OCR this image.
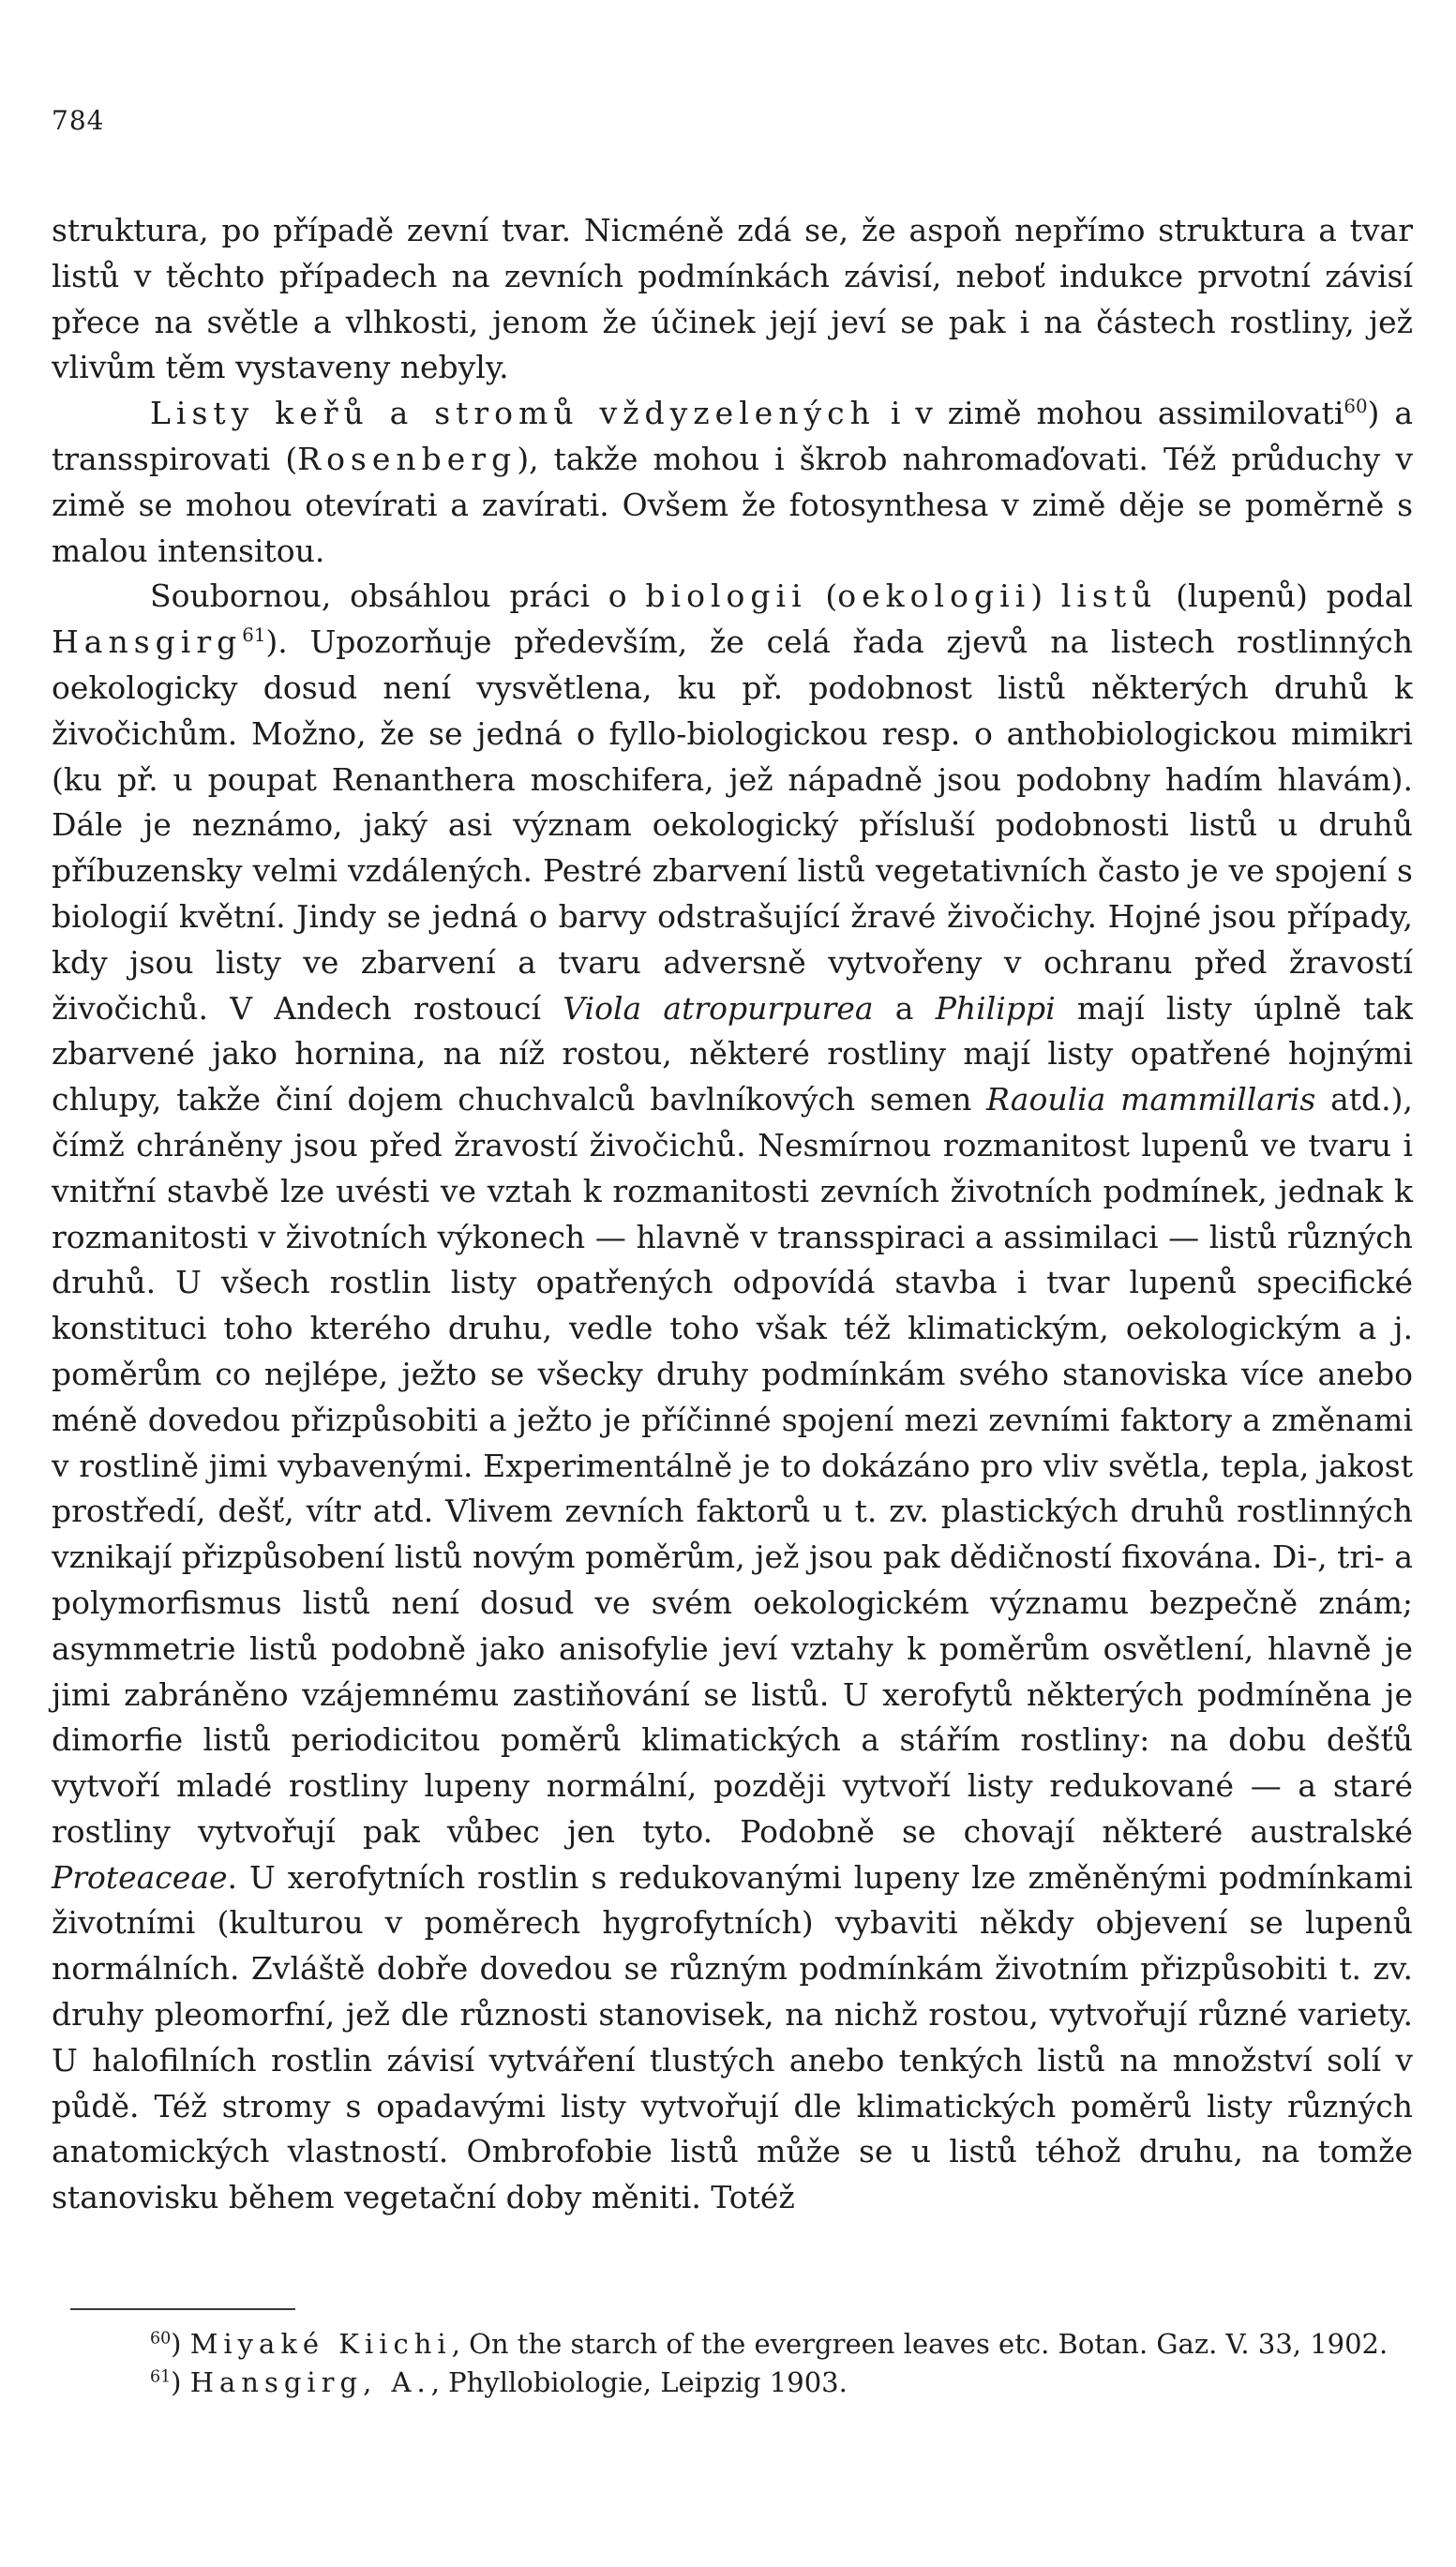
784

struktura, po případě zevní tvar. Nicméně zdá se, že aspoň nepřímo struktura a tvar listů v těchto případech na zevních podmínkách závisí, neboť indukce prvotní závisí přece na světle a vlhkosti, jenom že účinek její jeví se pak i na částech rostliny, jež vlivům těm vystaveny nebyly.

Listy keřů a stromů vždyzelených i v zimě mohou assimilovati$^{60}$) a transspirovati (Rosenberg), takže mohou i škrob nahromaďovati. Též průduchy v zimě se mohou otevírati a zavírati. Ovšem že fotosynthesa v zimě děje se poměrně s malou intensitou.

Soubornou, obsáhlou práci o biologii (oekologii) listů (lupenů) podal Hansgirg$^{61}$). Upozorňuje především, že celá řada zjevů na listech rostlinných oekologicky dosud není vysvětlena, ku př. podobnost listů některých druhů k živočichům. Možno, že se jedná o fyllo-biologickou resp. o anthobiologickou mimikri (ku př. u poupat Renanthera moschifera, jež nápadně jsou podobny hadím hlavám). Dále je neznámo, jaký asi význam oekologický přísluší podobnosti listů u druhů příbuzensky velmi vzdálených. Pestré zbarvení listů vegetativních často je ve spojení s biologií květní. Jindy se jedná o barvy odstrašující žravé živočichy. Hojné jsou případy, kdy jsou listy ve zbarvení a tvaru adversně vytvořeny v ochranu před žravostí živočichů. V Andech rostoucí Viola atropurpurea a Philippi mají listy úplně tak zbarvené jako hornina, na níž rostou, některé rostliny mají listy opatřené hojnými chlupy, takže činí dojem chuchvalců bavlníkových semen Raoulia mammillaris atd.), čímž chráněny jsou před žravostí živočichů. Nesmírnou rozmanitost lupenů ve tvaru i vnitřní stavbě lze uvésti ve vztah k rozmanitosti zevních životních podmínek, jednak k rozmanitosti v životních výkonech — hlavně v transspiraci a assimilaci — listů různých druhů. U všech rostlin listy opatřených odpovídá stavba i tvar lupenů specifické konstituci toho kterého druhu, vedle toho však též klimatickým, oekologickým a j. poměrům co nejlépe, ježto se všecky druhy podmínkám svého stanoviska více anebo méně dovedou přizpůsobiti a ježto je příčinné spojení mezi zevními faktory a změnami v rostlině jimi vybavenými. Experimentálně je to dokázáno pro vliv světla, tepla, jakost prostředí, dešť, vítr atd. Vlivem zevních faktorů u t. zv. plastických druhů rostlinných vznikají přizpůsobení listů novým poměrům, jež jsou pak dědičností fixována. Di-, tri- a polymorfismus listů není dosud ve svém oekologickém významu bezpečně znám; asymmetrie listů podobně jako anisofylie jeví vztahy k poměrům osvětlení, hlavně je jimi zabráněno vzájemnému zastiňování se listů. U xerofytů některých podmíněna je dimorfie listů periodicitou poměrů klimatických a stářím rostliny: na dobu dešťů vytvoří mladé rostliny lupeny normální, později vytvoří listy redukované — a staré rostliny vytvořují pak vůbec jen tyto. Podobně se chovají některé australské Proteaceae. U xerofytních rostlin s redukovanými lupeny lze změněnými podmínkami životními (kulturou v poměrech hygrofytních) vybaviti někdy objevení se lupenů normálních. Zvláště dobře dovedou se různým podmínkám životním přizpůsobiti t. zv. druhy pleomorfní, jež dle různosti stanovisek, na nichž rostou, vytvořují různé variety. U halofilních rostlin závisí vytváření tlustých anebo tenkých listů na množství solí v půdě. Též stromy s opadavými listy vytvořují dle klimatických poměrů listy různých anatomických vlastností. Ombrofobie listů může se u listů téhož druhu, na tomže stanovisku během vegetační doby měniti. Totéž

$^{60}$) Miyaké Kiichi, On the starch of the evergreen leaves etc. Botan. Gaz. V. 33, 1902.

$^{61}$) Hansgirg, A., Phyllobiologie, Leipzig 1903.
